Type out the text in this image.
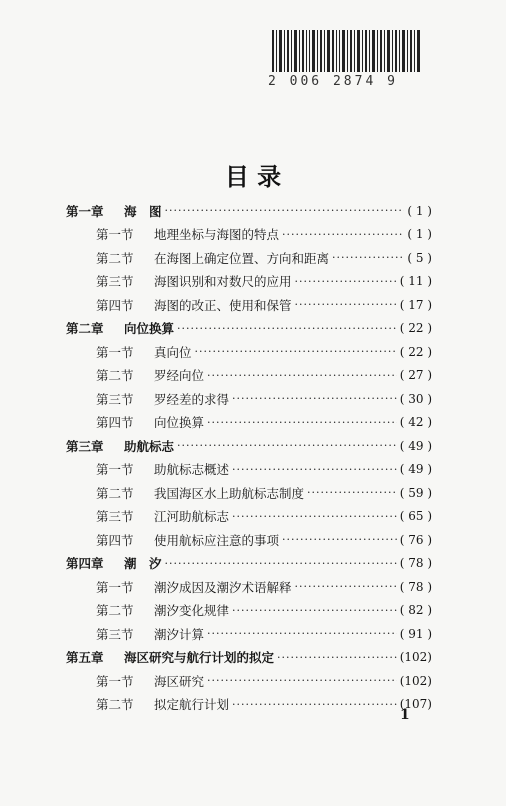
2 006 2874 9
目 录
第一章	海　图 ·····	( 1 )
第一节	地理坐标与海图的特点 ·····	( 1 )
第二节	在海图上确定位置、方向和距离 ·····	( 5 )
第三节	海图识别和对数尺的应用 ·····	( 11 )
第四节	海图的改正、使用和保管 ·····	( 17 )
第二章	向位换算 ·····	( 22 )
第一节	真向位 ·····	( 22 )
第二节	罗经向位 ·····	( 27 )
第三节	罗经差的求得 ·····	( 30 )
第四节	向位换算 ·····	( 42 )
第三章	助航标志 ·····	( 49 )
第一节	助航标志概述 ·····	( 49 )
第二节	我国海区水上助航标志制度 ·····	( 59 )
第三节	江河助航标志 ·····	( 65 )
第四节	使用航标应注意的事项 ·····	( 76 )
第四章	潮　汐 ·····	( 78 )
第一节	潮汐成因及潮汐术语解释 ·····	( 78 )
第二节	潮汐变化规律 ·····	( 82 )
第三节	潮汐计算 ·····	( 91 )
第五章	海区研究与航行计划的拟定 ·····	(102)
第一节	海区研究 ·····	(102)
第二节	拟定航行计划 ·····	(107)
1
